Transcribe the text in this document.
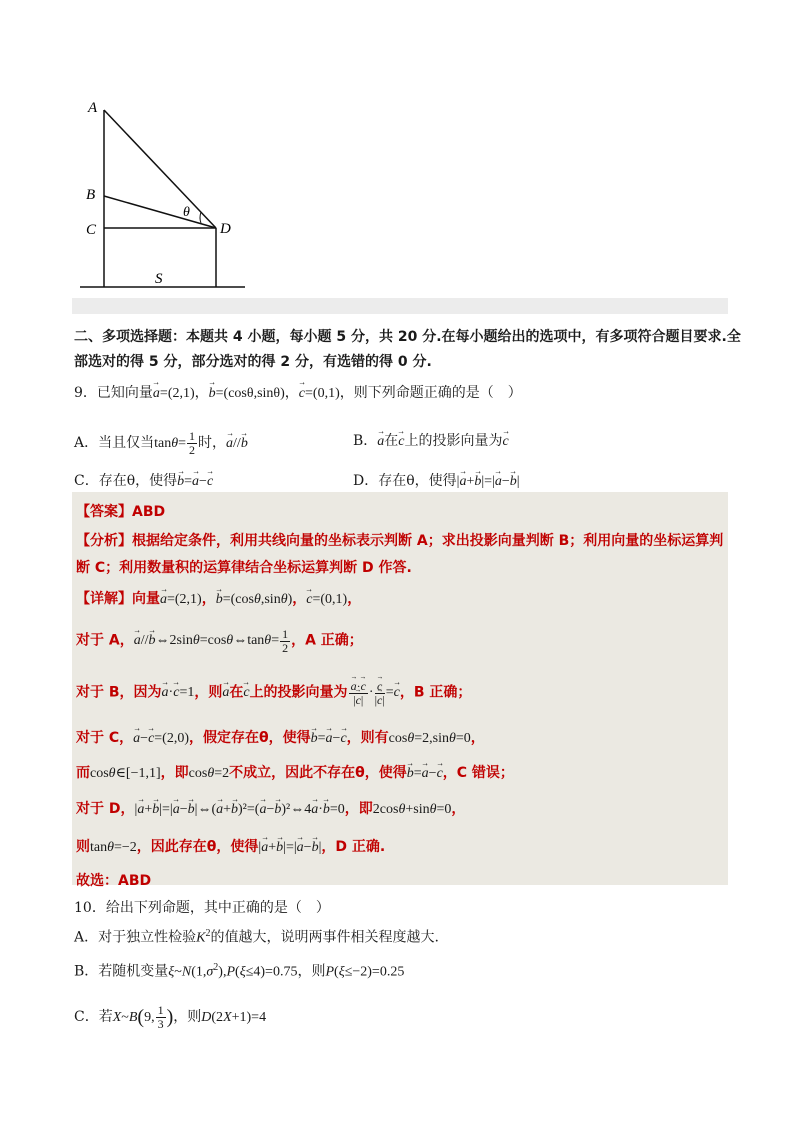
A
B
C	D
θ
S
二、多项选择题：本题共 4 小题，每小题 5 分，共 20 分.在每小题给出的选项中，有多项符合题目要求.全
部选对的得 5 分，部分选对的得 2 分，有选错的得 0 分.
9．已知向量→ a=(2,1)，→ b=(cosθ,sinθ)，→ c=(0,1)，则下列命题正确的是（　）
A．当且仅当$\tan\theta= \frac{1}{2}$ 时，→ a//→ b	B．→ a在→ c上的投影向量为→ c
C．存在θ，使得→ b=→ a−→ c	D．存在θ，使得|→ a+→ b|=|→ a−→ b|
【答案】ABD
【分析】根据给定条件，利用共线向量的坐标表示判断 A；求出投影向量判断 B；利用向量的坐标运算判
断 C；利用数量积的运算律结合坐标运算判断 D 作答.
【详解】向量→ a=(2,1)，→ b=(cosθ,sinθ)，→ c=(0,1)，
对于 A，→ a//→ b⇔2sinθ=cosθ⇔tanθ= $\frac{1}{2}$ ，A 正确；
对于 B，因为→ a·→ c=1，则→ a在→ c上的投影向量为 → $\frac{a\cdot\to c}{|\to c|}$ · → $\frac{c}{|\to c|} =\to c$，B 正确；
对于 C，→ a−→ c=(2,0)，假定存在θ，使得→ b=→ a−→ c，则有cosθ=2,sinθ=0，
而cosθ∈[−1,1]，即cosθ=2不成立，因此不存在θ，使得→ b=→ a−→ c，C 错误；
对于 D，|→ a+→ b|=|→ a−→ b|⇔(→ a+→ b)²=(→ a−→ b)²⇔4→ a·→ b=0，即2cosθ+sinθ=0，
则tanθ=−2，因此存在θ，使得|→ a+→ b|=|→ a−→ b|，D 正确.
故选：ABD
10．给出下列命题，其中正确的是（　）
A．对于独立性检验$K^2$的值越大，说明两事件相关程度越大.
B．若随机变量$\xi\sim N(1,\sigma^2),P(\xi\le 4)=0.75$，则P(ξ≤−2)=0.25
C．若X~B(9, $\frac{1}{3}$ )，则D(2X+1)=4
